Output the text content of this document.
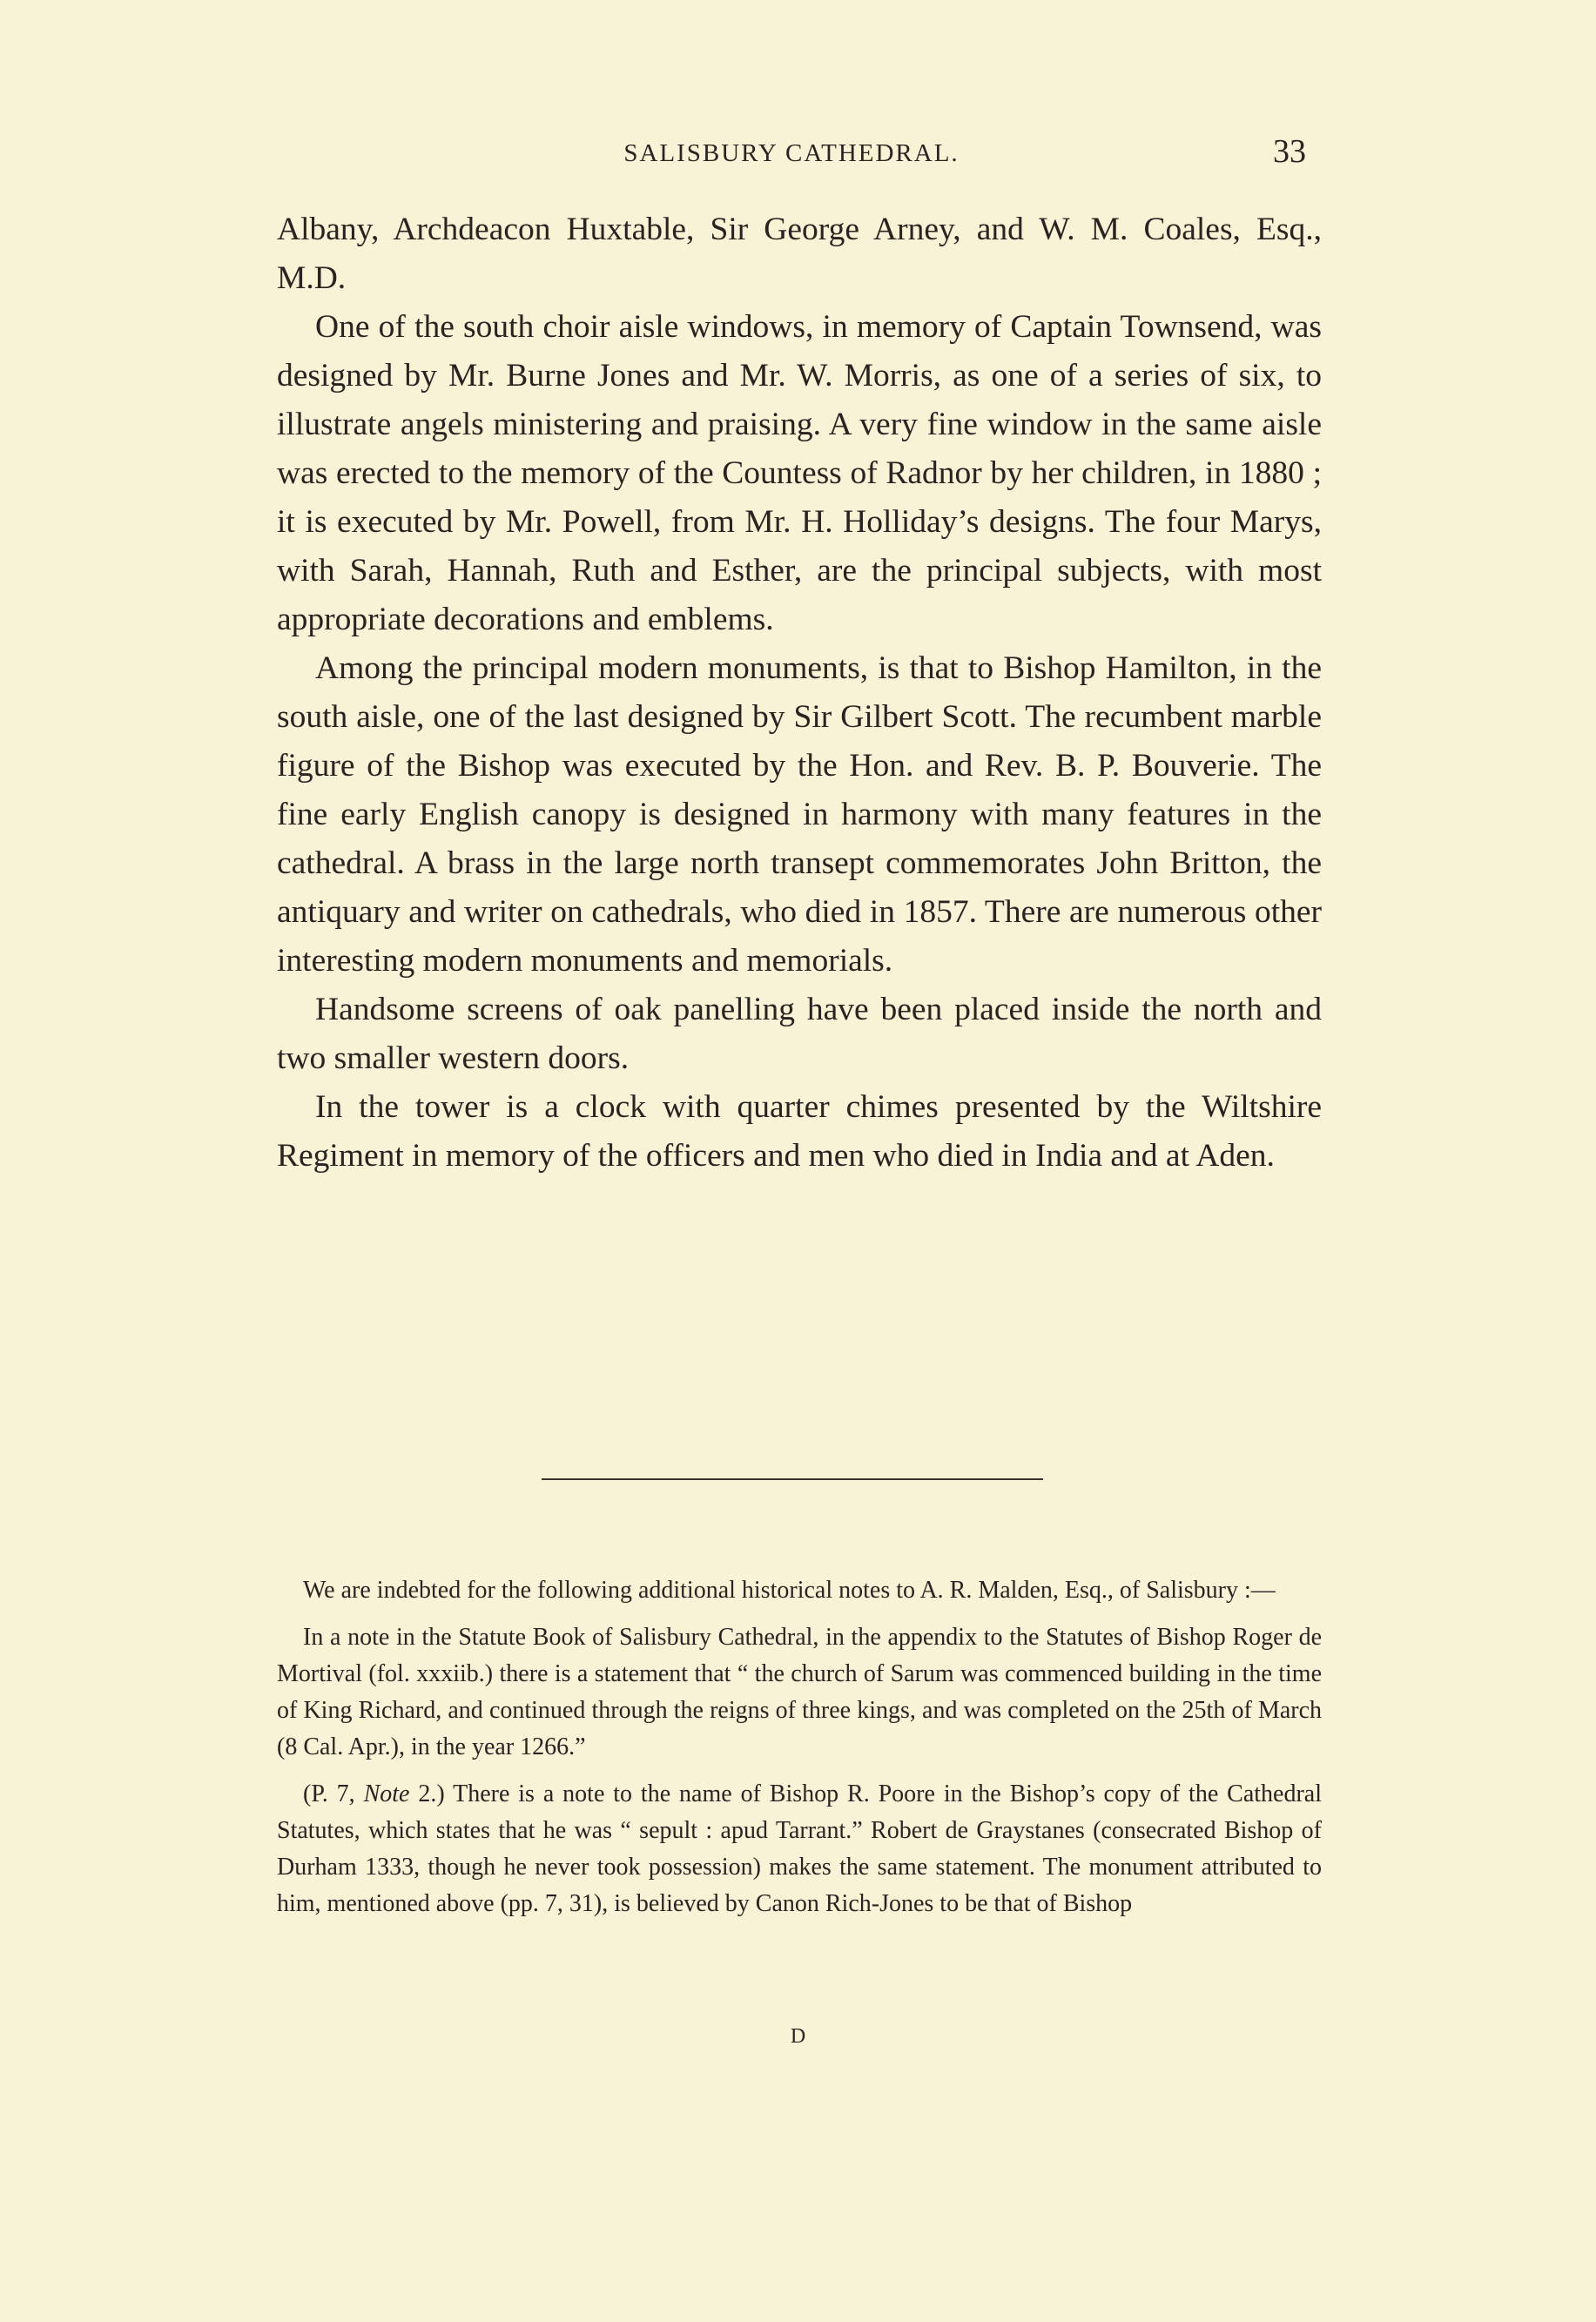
SALISBURY CATHEDRAL.	33

Albany, Archdeacon Huxtable, Sir George Arney, and W. M. Coales, Esq., M.D.

One of the south choir aisle windows, in memory of Captain Townsend, was designed by Mr. Burne Jones and Mr. W. Morris, as one of a series of six, to illustrate angels ministering and praising. A very fine window in the same aisle was erected to the memory of the Countess of Radnor by her children, in 1880 ; it is executed by Mr. Powell, from Mr. H. Holliday’s designs. The four Marys, with Sarah, Hannah, Ruth and Esther, are the principal subjects, with most appropriate decorations and emblems.

Among the principal modern monuments, is that to Bishop Hamilton, in the south aisle, one of the last designed by Sir Gilbert Scott. The recumbent marble figure of the Bishop was executed by the Hon. and Rev. B. P. Bouverie. The fine early English canopy is designed in harmony with many features in the cathedral. A brass in the large north transept commemorates John Britton, the antiquary and writer on cathedrals, who died in 1857. There are numerous other interesting modern monuments and memorials.

Handsome screens of oak panelling have been placed inside the north and two smaller western doors.

In the tower is a clock with quarter chimes presented by the Wiltshire Regiment in memory of the officers and men who died in India and at Aden.

We are indebted for the following additional historical notes to A. R. Malden, Esq., of Salisbury :—

In a note in the Statute Book of Salisbury Cathedral, in the appendix to the Statutes of Bishop Roger de Mortival (fol. xxxiib.) there is a statement that “ the church of Sarum was commenced building in the time of King Richard, and continued through the reigns of three kings, and was completed on the 25th of March (8 Cal. Apr.), in the year 1266.”

(P. 7, Note 2.) There is a note to the name of Bishop R. Poore in the Bishop’s copy of the Cathedral Statutes, which states that he was “ sepult : apud Tarrant.” Robert de Graystanes (consecrated Bishop of Durham 1333, though he never took possession) makes the same statement. The monument attributed to him, mentioned above (pp. 7, 31), is believed by Canon Rich-Jones to be that of Bishop

D
